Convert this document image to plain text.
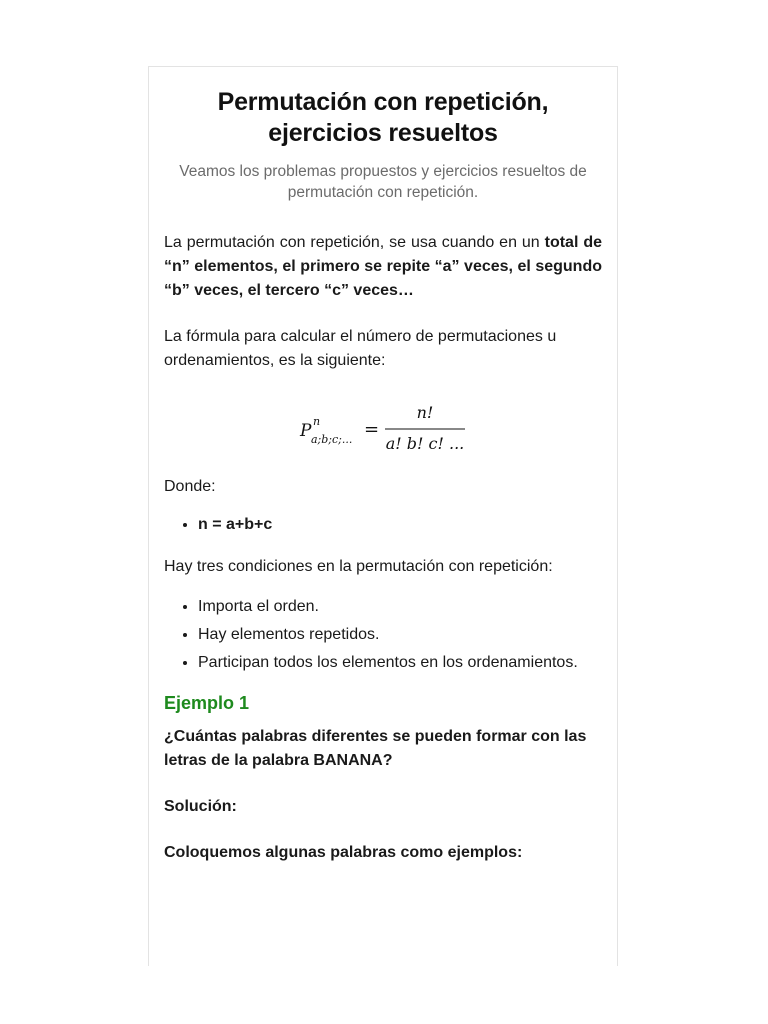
Permutación con repetición, ejercicios resueltos

Veamos los problemas propuestos y ejercicios resueltos de permutación con repetición.

La permutación con repetición, se usa cuando en un total de “n” elementos, el primero se repite “a” veces, el segundo “b” veces, el tercero “c” veces…

La fórmula para calcular el número de permutaciones u ordenamientos, es la siguiente:

P n
a;b;c;... =
n!
a! b! c! ...

Donde:

• n = a+b+c

Hay tres condiciones en la permutación con repetición:

• Importa el orden.
• Hay elementos repetidos.
• Participan todos los elementos en los ordenamientos.
Ejemplo 1

¿Cuántas palabras diferentes se pueden formar con las letras de la palabra BANANA?

Solución:

Coloquemos algunas palabras como ejemplos:
